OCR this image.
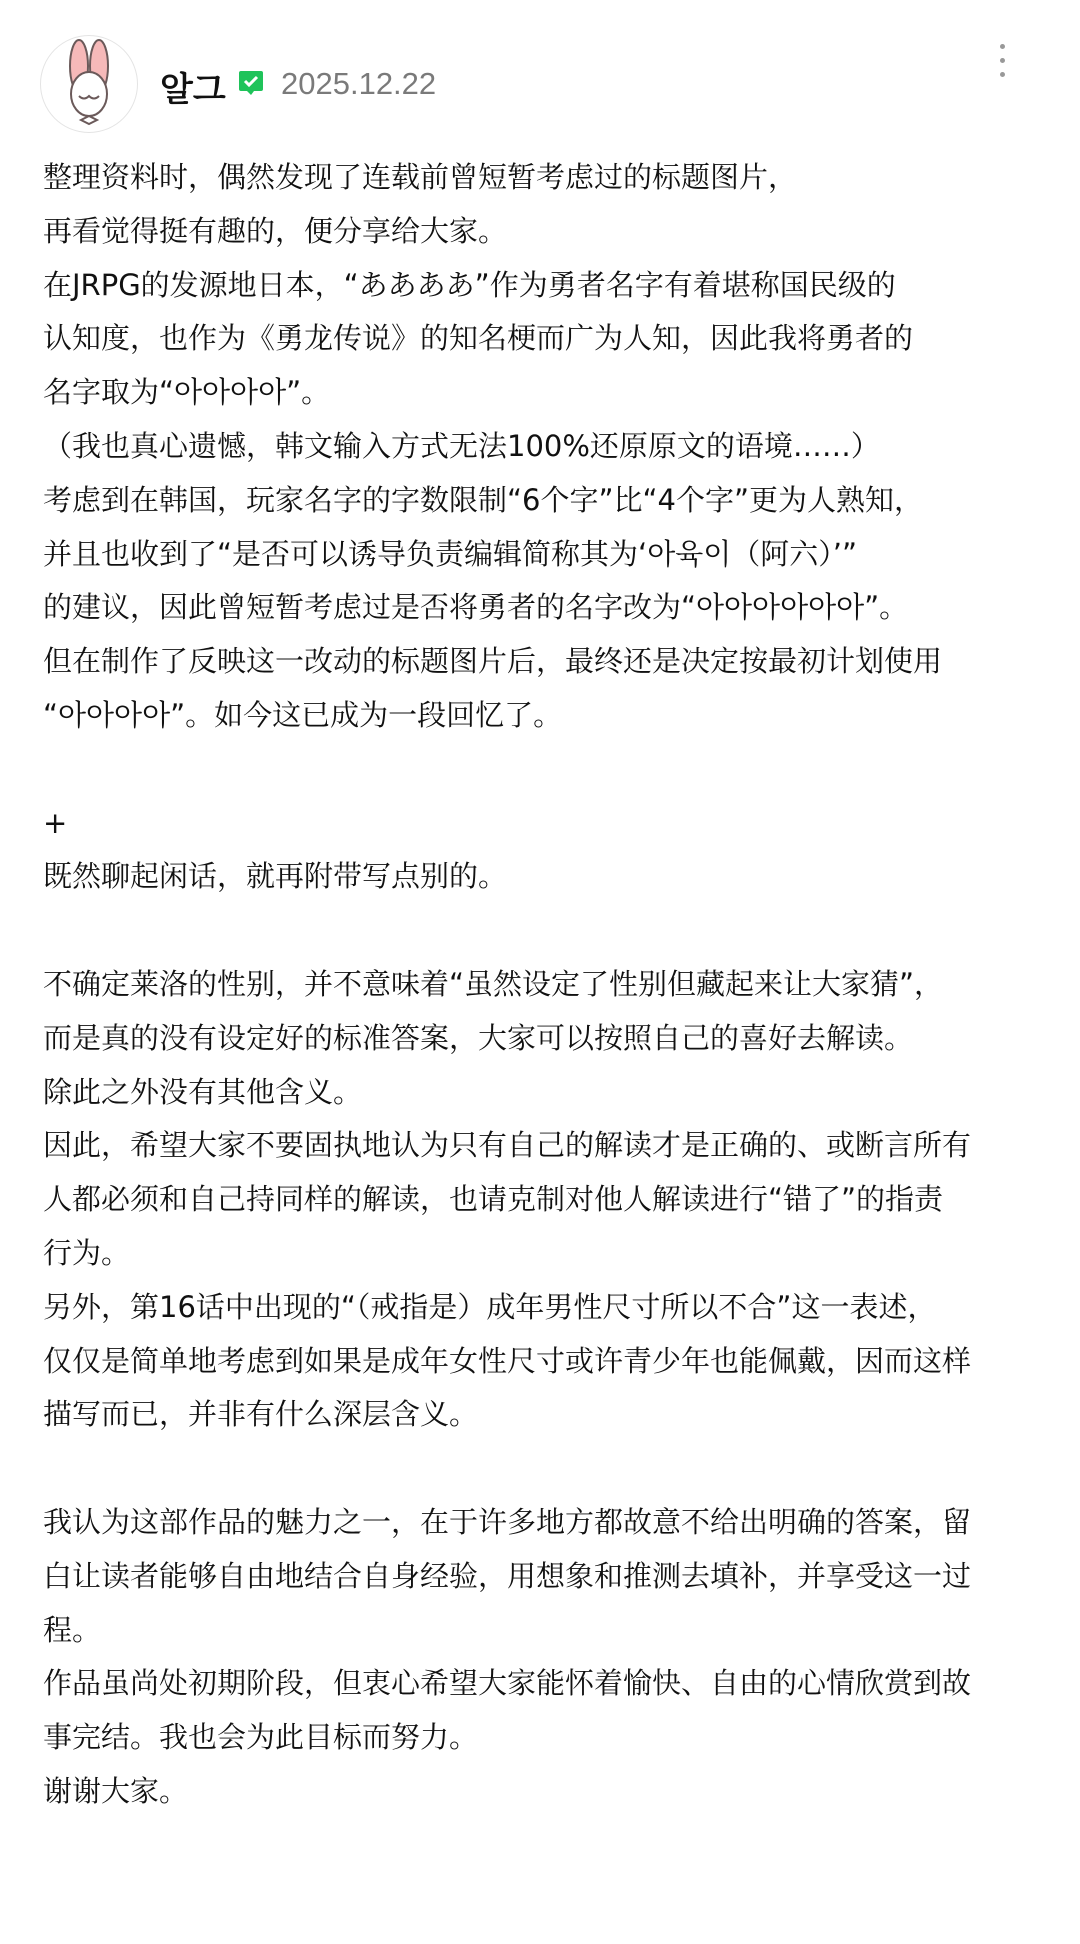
알그 2025.12.22
整理资料时，偶然发现了连载前曾短暂考虑过的标题图片，
再看觉得挺有趣的，便分享给大家。
在JRPG的发源地日本，“ああああ”作为勇者名字有着堪称国民级的
认知度，也作为《勇龙传说》的知名梗而广为人知，因此我将勇者的
名字取为“아아아아”。
（我也真心遗憾，韩文输入方式无法100%还原原文的语境……）
考虑到在韩国，玩家名字的字数限制“6个字”比“4个字”更为人熟知，
并且也收到了“是否可以诱导负责编辑简称其为‘아육이（阿六）’”
的建议，因此曾短暂考虑过是否将勇者的名字改为“아아아아아아”。
但在制作了反映这一改动的标题图片后，最终还是决定按最初计划使用
“아아아아”。如今这已成为一段回忆了。
+
既然聊起闲话，就再附带写点别的。
不确定莱洛的性别，并不意味着“虽然设定了性别但藏起来让大家猜”，
而是真的没有设定好的标准答案，大家可以按照自己的喜好去解读。
除此之外没有其他含义。
因此，希望大家不要固执地认为只有自己的解读才是正确的、或断言所有
人都必须和自己持同样的解读，也请克制对他人解读进行“错了”的指责
行为。
另外，第16话中出现的“（戒指是）成年男性尺寸所以不合”这一表述，
仅仅是简单地考虑到如果是成年女性尺寸或许青少年也能佩戴，因而这样
描写而已，并非有什么深层含义。
我认为这部作品的魅力之一，在于许多地方都故意不给出明确的答案，留
白让读者能够自由地结合自身经验，用想象和推测去填补，并享受这一过
程。
作品虽尚处初期阶段，但衷心希望大家能怀着愉快、自由的心情欣赏到故
事完结。我也会为此目标而努力。
谢谢大家。
